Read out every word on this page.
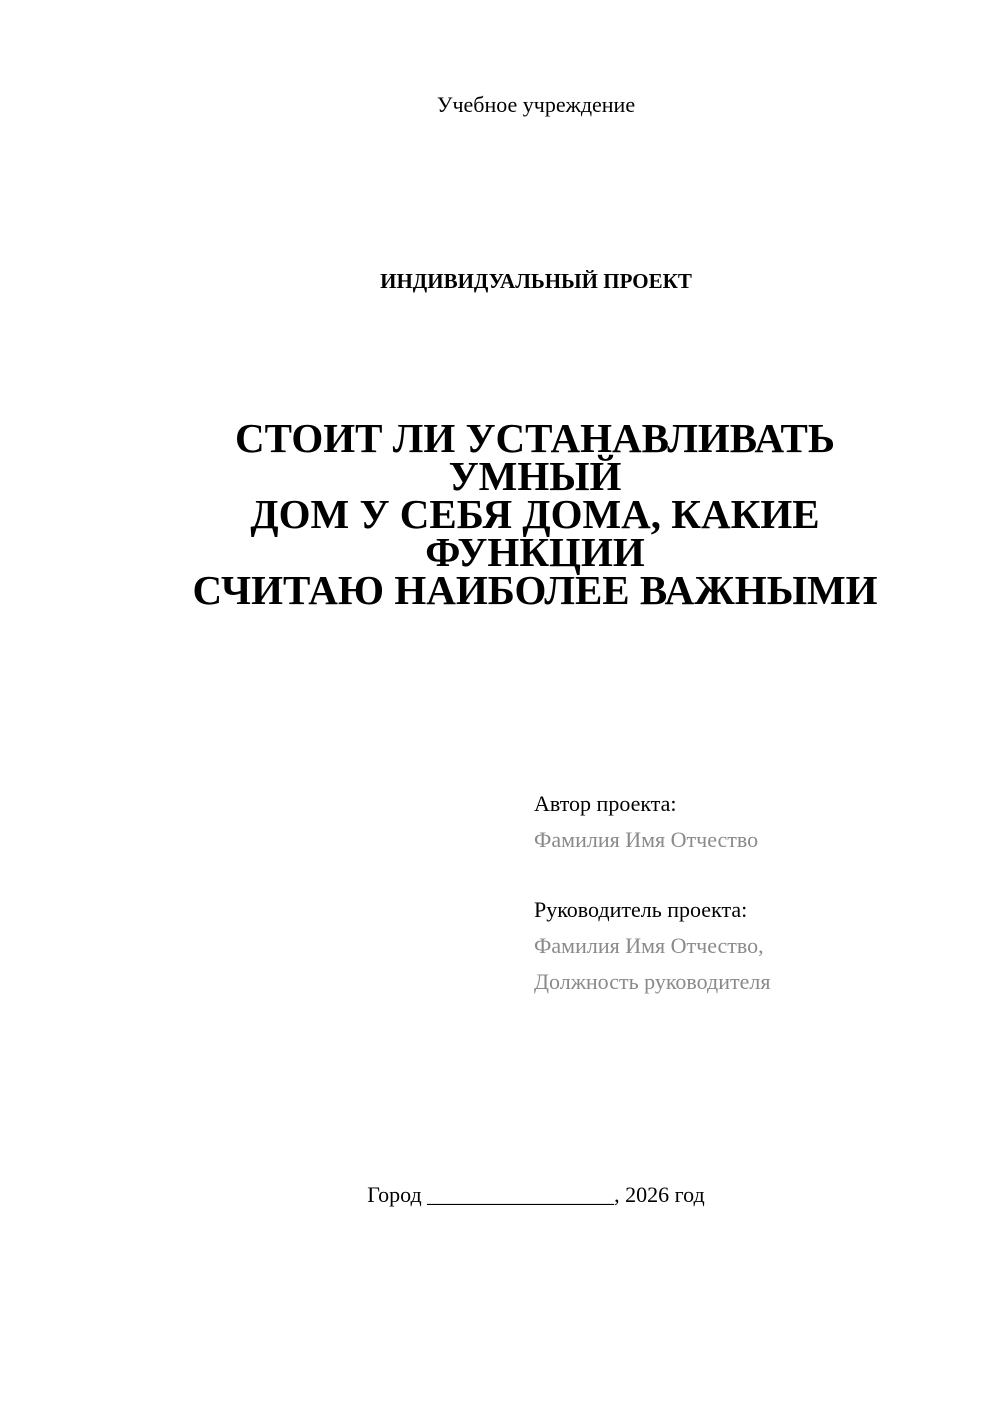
Учебное учреждение
ИНДИВИДУАЛЬНЫЙ ПРОЕКТ
СТОИТ ЛИ УСТАНАВЛИВАТЬ УМНЫЙ
ДОМ У СЕБЯ ДОМА, КАКИЕ ФУНКЦИИ
СЧИТАЮ НАИБОЛЕЕ ВАЖНЫМИ
Автор проекта:
Фамилия Имя Отчество
Руководитель проекта:
Фамилия Имя Отчество,
Должность руководителя
Город _________________, 2026 год
